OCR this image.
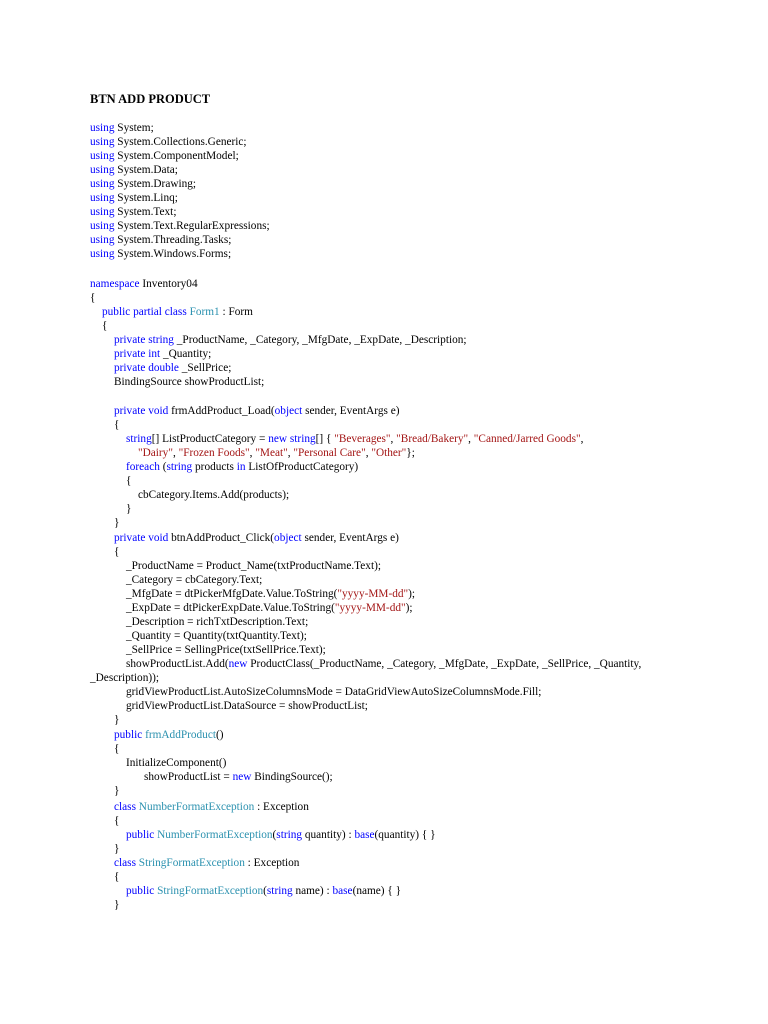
BTN ADD PRODUCT
using System;
using System.Collections.Generic;
using System.ComponentModel;
using System.Data;
using System.Drawing;
using System.Linq;
using System.Text;
using System.Text.RegularExpressions;
using System.Threading.Tasks;
using System.Windows.Forms;
namespace Inventory04
{
public partial class Form1 : Form
{
private string _ProductName, _Category, _MfgDate, _ExpDate, _Description;
private int _Quantity;
private double _SellPrice;
BindingSource showProductList;
private void frmAddProduct_Load(object sender, EventArgs e)
{
string[] ListProductCategory = new string[] { "Beverages", "Bread/Bakery", "Canned/Jarred Goods",
"Dairy", "Frozen Foods", "Meat", "Personal Care", "Other"};
foreach (string products in ListOfProductCategory)
{
cbCategory.Items.Add(products);
}
}
private void btnAddProduct_Click(object sender, EventArgs e)
{
_ProductName = Product_Name(txtProductName.Text);
_Category = cbCategory.Text;
_MfgDate = dtPickerMfgDate.Value.ToString("yyyy-MM-dd");
_ExpDate = dtPickerExpDate.Value.ToString("yyyy-MM-dd");
_Description = richTxtDescription.Text;
_Quantity = Quantity(txtQuantity.Text);
_SellPrice = SellingPrice(txtSellPrice.Text);
showProductList.Add(new ProductClass(_ProductName, _Category, _MfgDate, _ExpDate, _SellPrice, _Quantity,
_Description));
gridViewProductList.AutoSizeColumnsMode = DataGridViewAutoSizeColumnsMode.Fill;
gridViewProductList.DataSource = showProductList;
}
public frmAddProduct()
{
InitializeComponent()
showProductList = new BindingSource();
}
class NumberFormatException : Exception
{
public NumberFormatException(string quantity) : base(quantity) { }
}
class StringFormatException : Exception
{
public StringFormatException(string name) : base(name) { }
}
